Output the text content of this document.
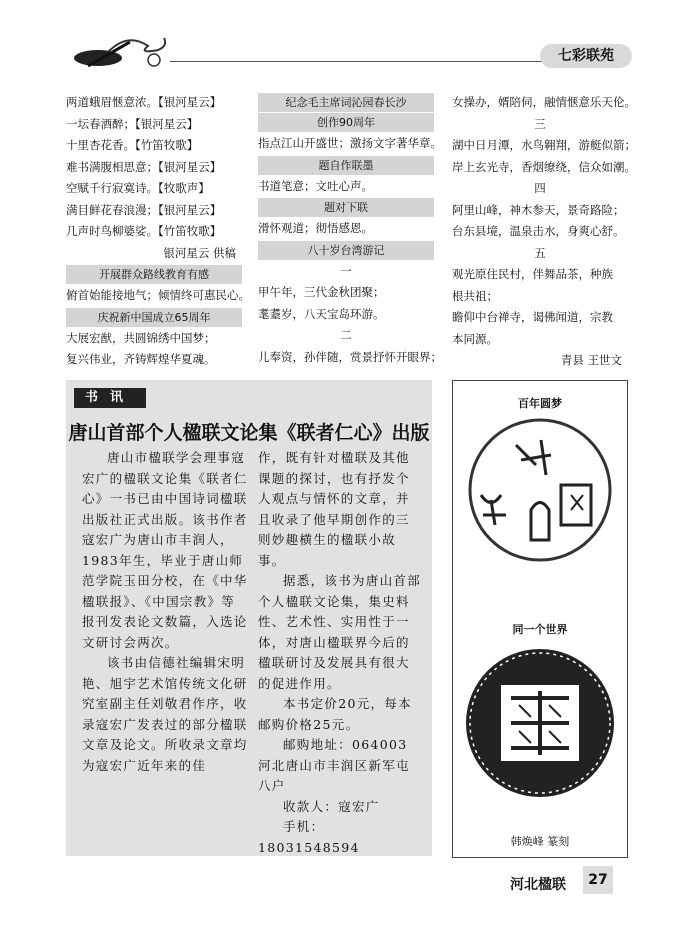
七彩联苑
两道蛾眉惬意浓。【银河星云】
一坛春酒醉；【银河星云】
十里杏花香。【竹笛牧歌】
难书满腹相思意；【银河星云】
空赋千行寂寞诗。【牧歌声】
满目鲜花春浪漫；【银河星云】
几声时鸟柳婆娑。【竹笛牧歌】
银河星云 供稿
开展群众路线教育有感
俯首始能接地气；倾情终可惠民心。
庆祝新中国成立65周年
大展宏猷，共圆锦绣中国梦；
复兴伟业，齐铸辉煌华夏魂。
纪念毛主席词沁园春长沙
创作90周年
指点江山开盛世；激扬文字著华章。
题自作联墨
书道笔意；文吐心声。
题对下联
滑怀观道；彻悟感恩。
八十岁台湾游记
一
甲午年，三代金秋团聚；
耄耋岁，八天宝岛环游。
二
儿奉资，孙伴随，赏景抒怀开眼界；
女操办，婿陪伺，融情惬意乐天伦。
三
湖中日月潭，水鸟翱翔，游艇似箭；
岸上玄光寺，香烟缭绕，信众如潮。
四
阿里山峰，神木参天，景奇路险；
台东县境，温泉击水，身爽心舒。
五
观光原住民村，伴舞品茶，种族
根共祖；
瞻仰中台禅寺，谒佛闻道，宗教
本同源。
青县 王世文
书讯
唐山首部个人楹联文论集《联者仁心》出版

唐山市楹联学会理事寇宏广的楹联文论集《联者仁心》一书已由中国诗词楹联出版社正式出版。该书作者寇宏广为唐山市丰润人，1983年生，毕业于唐山师范学院玉田分校，在《中华楹联报》、《中国宗教》等报刊发表论文数篇，入选论文研讨会两次。

该书由信德社编辑宋明艳、旭宇艺术馆传统文化研究室副主任刘敬君作序，收录寇宏广发表过的部分楹联文章及论文。所收录文章均为寇宏广近年来的佳

作，既有针对楹联及其他课题的探讨，也有抒发个人观点与情怀的文章，并且收录了他早期创作的三则妙趣横生的楹联小故事。

据悉，该书为唐山首部个人楹联文论集，集史料性、艺术性、实用性于一体，对唐山楹联界今后的楹联研讨及发展具有很大的促进作用。

本书定价20元，每本邮购价格25元。

邮购地址：064003 河北唐山市丰润区新军屯八户

收款人：寇宏广

手机：18031548594

百年圆梦
同一个世界
韩焕峰 篆刻
河北楹联	27
